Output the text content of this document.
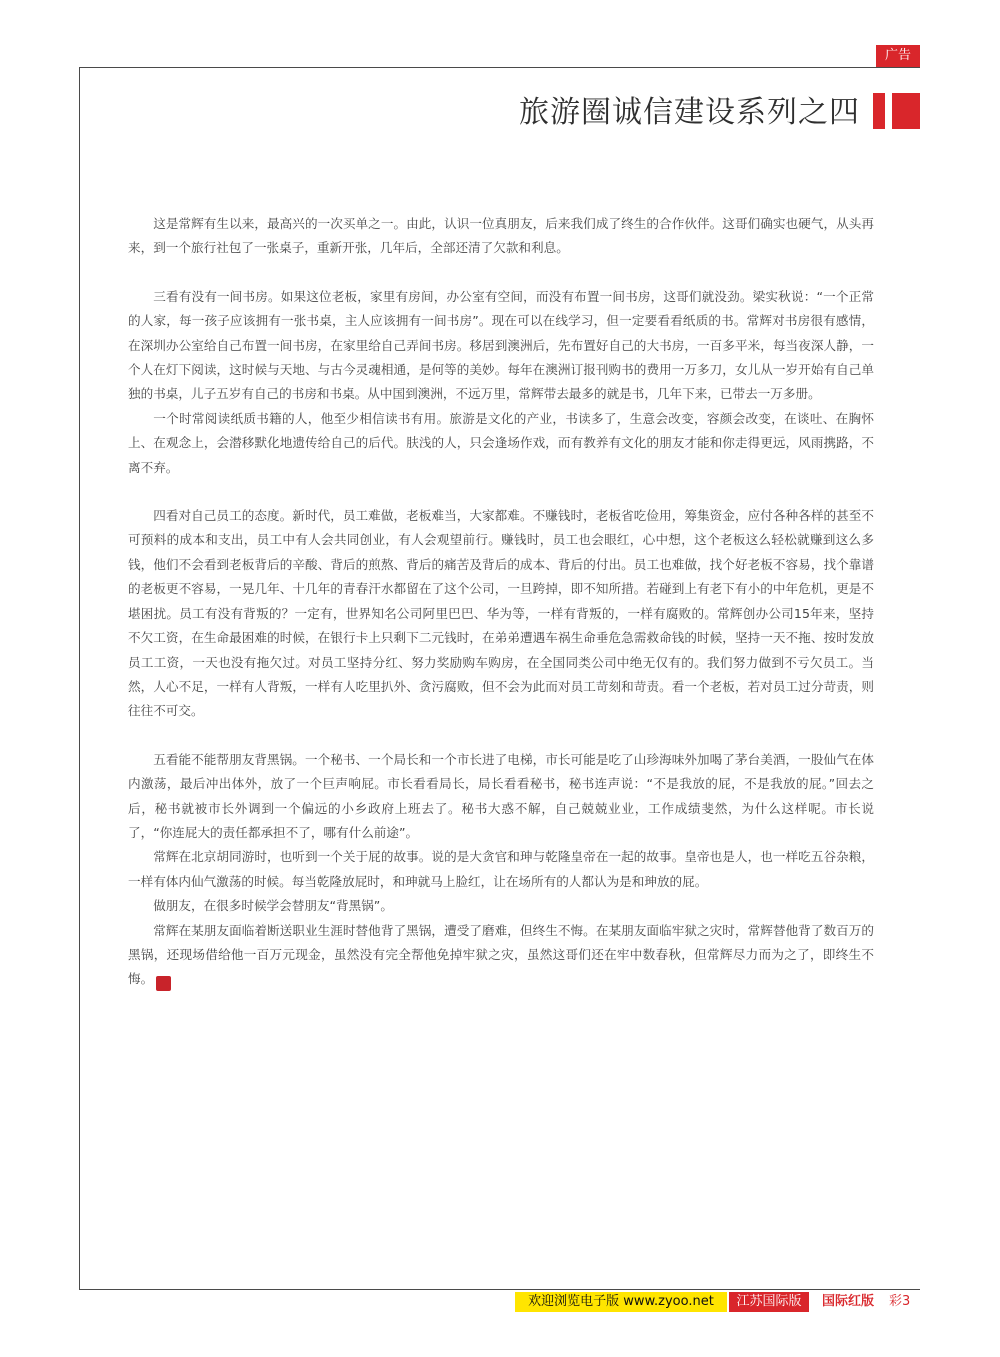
广告
旅游圈诚信建设系列之四

这是常辉有生以来，最高兴的一次买单之一。由此，认识一位真朋友，后来我们成了终生的合作伙伴。这哥们确实也硬气，从头再来，到一个旅行社包了一张桌子，重新开张，几年后，全部还清了欠款和利息。

三看有没有一间书房。如果这位老板，家里有房间，办公室有空间，而没有布置一间书房，这哥们就没劲。梁实秋说：“一个正常的人家，每一孩子应该拥有一张书桌，主人应该拥有一间书房”。现在可以在线学习，但一定要看看纸质的书。常辉对书房很有感情，在深圳办公室给自己布置一间书房，在家里给自己弄间书房。移居到澳洲后，先布置好自己的大书房，一百多平米，每当夜深人静，一个人在灯下阅读，这时候与天地、与古今灵魂相通，是何等的美妙。每年在澳洲订报刊购书的费用一万多刀，女儿从一岁开始有自己单独的书桌，儿子五岁有自己的书房和书桌。从中国到澳洲，不远万里，常辉带去最多的就是书，几年下来，已带去一万多册。

一个时常阅读纸质书籍的人，他至少相信读书有用。旅游是文化的产业，书读多了，生意会改变，容颜会改变，在谈吐、在胸怀上、在观念上，会潜移默化地遗传给自己的后代。肤浅的人，只会逢场作戏，而有教养有文化的朋友才能和你走得更远，风雨携路，不离不弃。

四看对自己员工的态度。新时代，员工难做，老板难当，大家都难。不赚钱时，老板省吃俭用，筹集资金，应付各种各样的甚至不可预料的成本和支出，员工中有人会共同创业，有人会观望前行。赚钱时，员工也会眼红，心中想，这个老板这么轻松就赚到这么多钱，他们不会看到老板背后的辛酸、背后的煎熬、背后的痛苦及背后的成本、背后的付出。员工也难做，找个好老板不容易，找个靠谱的老板更不容易，一晃几年、十几年的青春汗水都留在了这个公司，一旦跨掉，即不知所措。若碰到上有老下有小的中年危机，更是不堪困扰。员工有没有背叛的？一定有，世界知名公司阿里巴巴、华为等，一样有背叛的，一样有腐败的。常辉创办公司15年来，坚持不欠工资，在生命最困难的时候，在银行卡上只剩下二元钱时，在弟弟遭遇车祸生命垂危急需救命钱的时候，坚持一天不拖、按时发放员工工资，一天也没有拖欠过。对员工坚持分红、努力奖励购车购房，在全国同类公司中绝无仅有的。我们努力做到不亏欠员工。当然，人心不足，一样有人背叛，一样有人吃里扒外、贪污腐败，但不会为此而对员工苛刻和苛责。看一个老板，若对员工过分苛责，则往往不可交。

五看能不能帮朋友背黑锅。一个秘书、一个局长和一个市长进了电梯，市长可能是吃了山珍海味外加喝了茅台美酒，一股仙气在体内激荡，最后冲出体外，放了一个巨声响屁。市长看看局长，局长看看秘书，秘书连声说：“不是我放的屁，不是我放的屁。”回去之后，秘书就被市长外调到一个偏远的小乡政府上班去了。秘书大惑不解，自己兢兢业业，工作成绩斐然，为什么这样呢。市长说了，“你连屁大的责任都承担不了，哪有什么前途”。

常辉在北京胡同游时，也听到一个关于屁的故事。说的是大贪官和珅与乾隆皇帝在一起的故事。皇帝也是人，也一样吃五谷杂粮，一样有体内仙气激荡的时候。每当乾隆放屁时，和珅就马上脸红，让在场所有的人都认为是和珅放的屁。

做朋友，在很多时候学会替朋友“背黑锅”。

常辉在某朋友面临着断送职业生涯时替他背了黑锅，遭受了磨难，但终生不悔。在某朋友面临牢狱之灾时，常辉替他背了数百万的黑锅，还现场借给他一百万元现金，虽然没有完全帮他免掉牢狱之灾，虽然这哥们还在牢中数春秋，但常辉尽力而为之了，即终生不悔。	信

欢迎浏览电子版 www.zyoo.net	江苏国际版	国际红版	彩3
